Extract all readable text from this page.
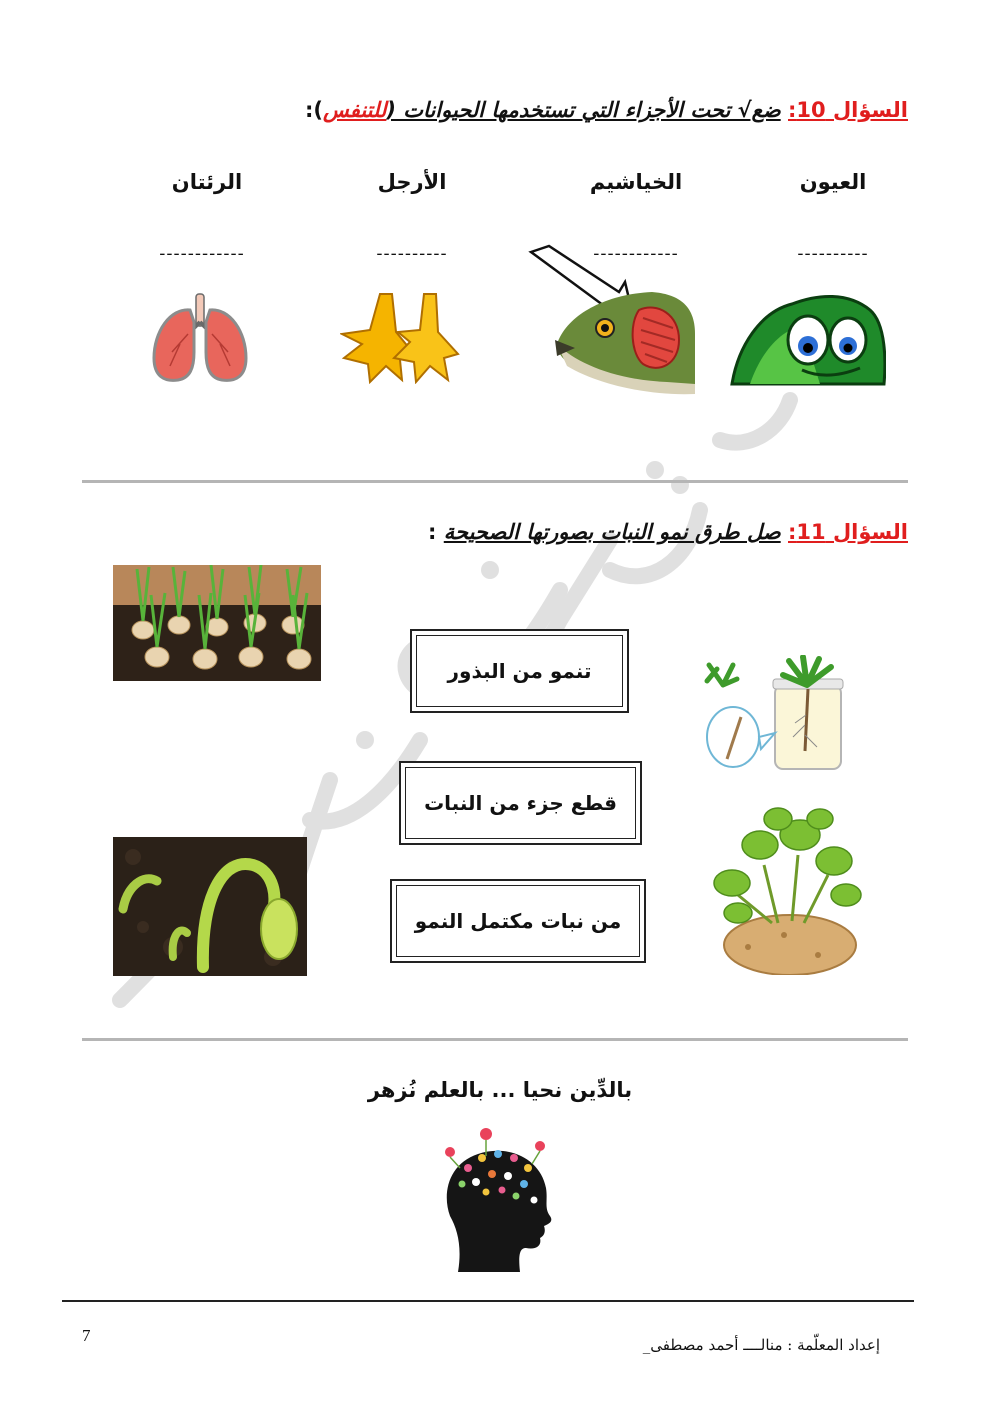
السؤال 10: ضع√ تحت الأجزاء التي تستخدمها الحيوانات (للتنفس):
العيون
الخياشيم
الأرجل
الرئتان
----------
------------
----------
------------
السؤال 11: صل طرق نمو النبات بصورتها الصحيحة :
تنمو من البذور
قطع جزء من النبات
من نبات مكتمل النمو
بالدِّين نحيا ... بالعلم نُزهر
7	إعداد المعلّمة : منالــــ أحمد مصطفى_
